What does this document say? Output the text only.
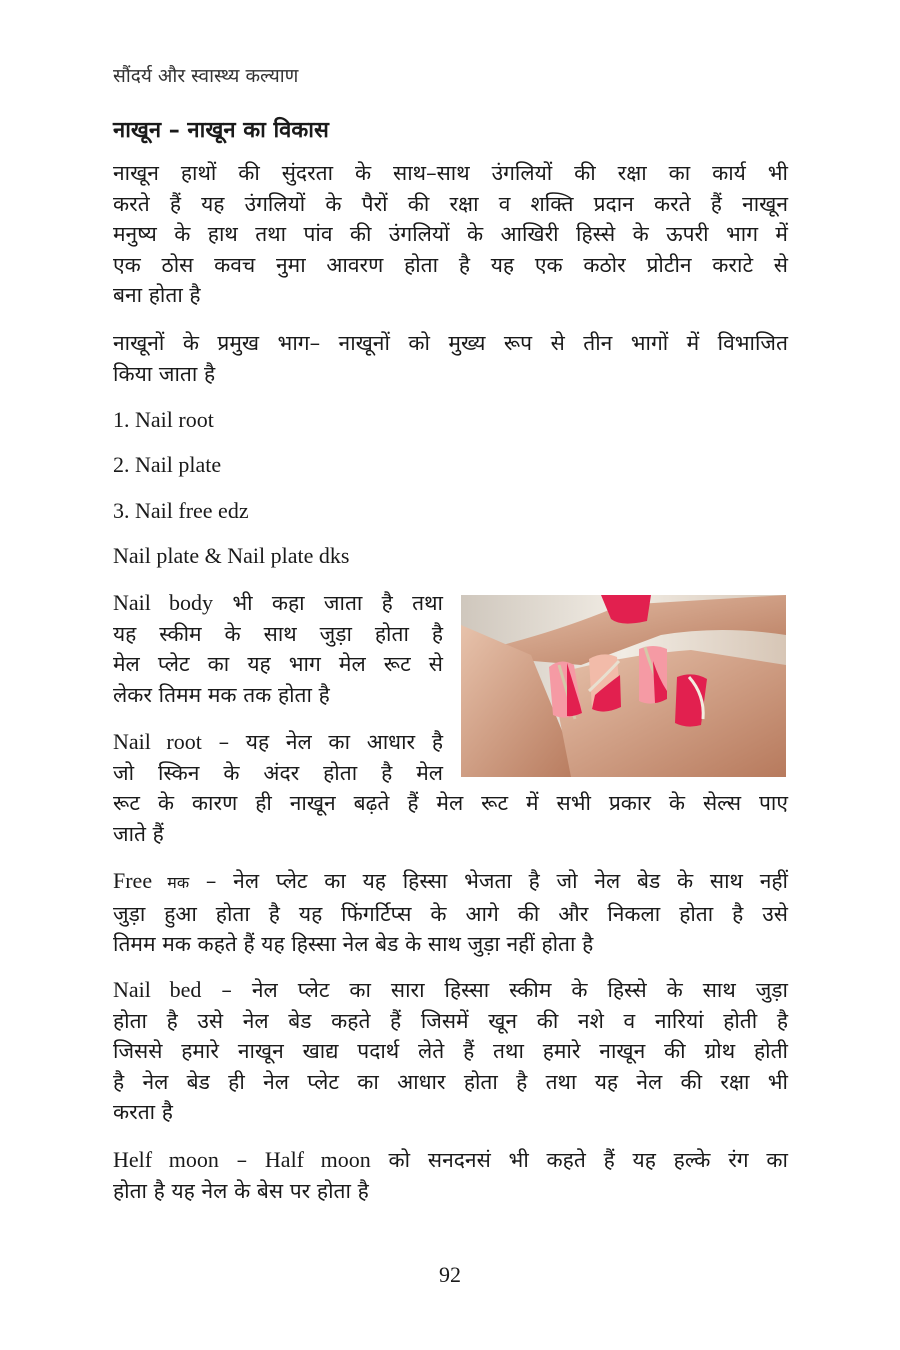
सौंदर्य और स्वास्थ्य कल्याण
नाखून – नाखून का विकास
नाखून हाथों की सुंदरता के साथ–साथ उंगलियों की रक्षा का कार्य भी
करते हैं यह उंगलियों के पैरों की रक्षा व शक्ति प्रदान करते हैं नाखून
मनुष्य के हाथ तथा पांव की उंगलियों के आखिरी हिस्से के ऊपरी भाग में
एक ठोस कवच नुमा आवरण होता है यह एक कठोर प्रोटीन कराटे से
बना होता है
नाखूनों के प्रमुख भाग– नाखूनों को मुख्य रूप से तीन भागों में विभाजित
किया जाता है
1. Nail root
2. Nail plate
3. Nail free edz
Nail plate & Nail plate dks
Nail body भी कहा जाता है तथा
यह स्कीम के साथ जुड़ा होता है
मेल प्लेट का यह भाग मेल रूट से
लेकर तिमम मक तक होता है
Nail root – यह नेल का आधार है
जो स्किन के अंदर होता है मेल
रूट के कारण ही नाखून बढ़ते हैं मेल रूट में सभी प्रकार के सेल्स पाए
जाते हैं
Free मक – नेल प्लेट का यह हिस्सा भेजता है जो नेल बेड के साथ नहीं
जुड़ा हुआ होता है यह फिंगर्टिप्स के आगे की और निकला होता है उसे
तिमम मक कहते हैं यह हिस्सा नेल बेड के साथ जुड़ा नहीं होता है
Nail bed – नेल प्लेट का सारा हिस्सा स्कीम के हिस्से के साथ जुड़ा
होता है उसे नेल बेड कहते हैं जिसमें खून की नशे व नारियां होती है
जिससे हमारे नाखून खाद्य पदार्थ लेते हैं तथा हमारे नाखून की ग्रोथ होती
है नेल बेड ही नेल प्लेट का आधार होता है तथा यह नेल की रक्षा भी
करता है
Helf moon – Half moon को सनदनसं भी कहते हैं यह हल्के रंग का
होता है यह नेल के बेस पर होता है
92
